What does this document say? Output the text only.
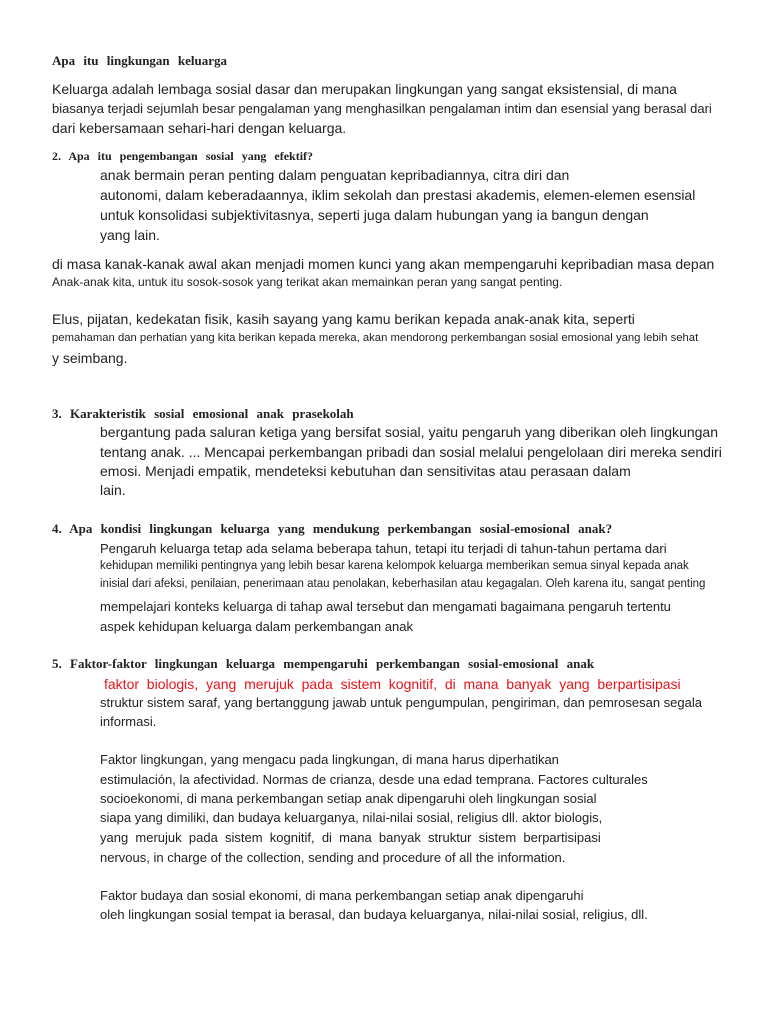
Apa itu lingkungan keluarga
Keluarga adalah lembaga sosial dasar dan merupakan lingkungan yang sangat eksistensial, di mana
biasanya terjadi sejumlah besar pengalaman yang menghasilkan pengalaman intim dan esensial yang berasal dari
dari kebersamaan sehari-hari dengan keluarga.
2. Apa itu pengembangan sosial yang efektif?
anak bermain peran penting dalam penguatan kepribadiannya, citra diri dan
autonomi, dalam keberadaannya, iklim sekolah dan prestasi akademis, elemen-elemen esensial
untuk konsolidasi subjektivitasnya, seperti juga dalam hubungan yang ia bangun dengan
yang lain.
di masa kanak-kanak awal akan menjadi momen kunci yang akan mempengaruhi kepribadian masa depan
Anak-anak kita, untuk itu sosok-sosok yang terikat akan memainkan peran yang sangat penting.
Elus, pijatan, kedekatan fisik, kasih sayang yang kamu berikan kepada anak-anak kita, seperti
pemahaman dan perhatian yang kita berikan kepada mereka, akan mendorong perkembangan sosial emosional yang lebih sehat
y seimbang.
3. Karakteristik sosial emosional anak prasekolah
bergantung pada saluran ketiga yang bersifat sosial, yaitu pengaruh yang diberikan oleh lingkungan
tentang anak. ... Mencapai perkembangan pribadi dan sosial melalui pengelolaan diri mereka sendiri
emosi. Menjadi empatik, mendeteksi kebutuhan dan sensitivitas atau perasaan dalam
lain.
4. Apa kondisi lingkungan keluarga yang mendukung perkembangan sosial-emosional anak?
Pengaruh keluarga tetap ada selama beberapa tahun, tetapi itu terjadi di tahun-tahun pertama dari
kehidupan memiliki pentingnya yang lebih besar karena kelompok keluarga memberikan semua sinyal kepada anak
inisial dari afeksi, penilaian, penerimaan atau penolakan, keberhasilan atau kegagalan. Oleh karena itu, sangat penting
mempelajari konteks keluarga di tahap awal tersebut dan mengamati bagaimana pengaruh tertentu
aspek kehidupan keluarga dalam perkembangan anak
5. Faktor-faktor lingkungan keluarga mempengaruhi perkembangan sosial-emosional anak
faktor  biologis,  yang  merujuk  pada  sistem  kognitif,  di  mana  banyak  yang  berpartisipasi
struktur sistem saraf, yang bertanggung jawab untuk pengumpulan, pengiriman, dan pemrosesan segala
informasi.
Faktor lingkungan, yang mengacu pada lingkungan, di mana harus diperhatikan
estimulación, la afectividad. Normas de crianza, desde una edad temprana. Factores culturales
socioekonomi, di mana perkembangan setiap anak dipengaruhi oleh lingkungan sosial
siapa yang dimiliki, dan budaya keluarganya, nilai-nilai sosial, religius dll. aktor biologis,
yang  merujuk  pada  sistem  kognitif,  di  mana  banyak  struktur  sistem  berpartisipasi
nervous, in charge of the collection, sending and procedure of all the information.
Faktor budaya dan sosial ekonomi, di mana perkembangan setiap anak dipengaruhi
oleh lingkungan sosial tempat ia berasal, dan budaya keluarganya, nilai-nilai sosial, religius, dll.
